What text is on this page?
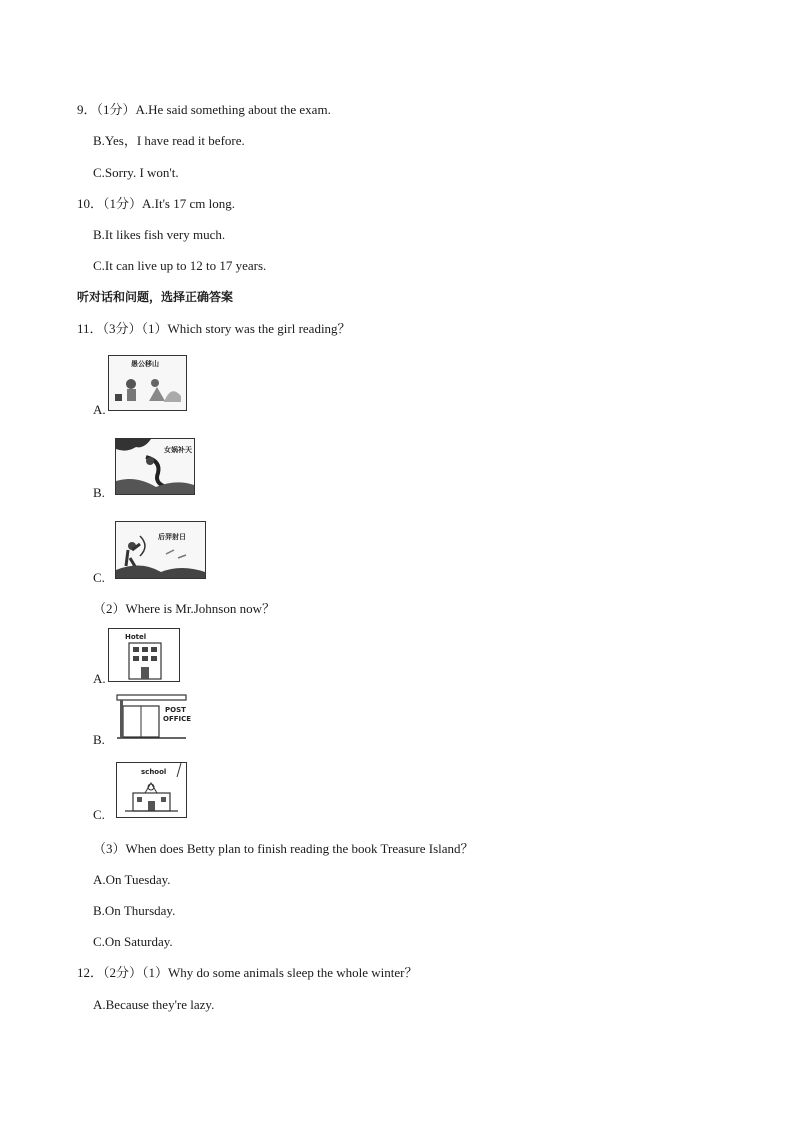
9．（1分）A.He said something about the exam.
B.Yes，I have read it before.
C.Sorry. I won't.
10．（1分）A.It's 17 cm long.
B.It likes fish very much.
C.It can live up to 12 to 17 years.
听对话和问题，选择正确答案
11．（3分）（1）Which story was the girl reading？
A.
愚公移山
B.
女娲补天
C.
后羿射日
（2）Where is Mr.Johnson now？
A.
Hotel
B.
POST
OFFICE
C.
school
（3）When does Betty plan to finish reading the book Treasure Island？
A.On Tuesday.
B.On Thursday.
C.On Saturday.
12．（2分）（1）Why do some animals sleep the whole winter？
A.Because they're lazy.
